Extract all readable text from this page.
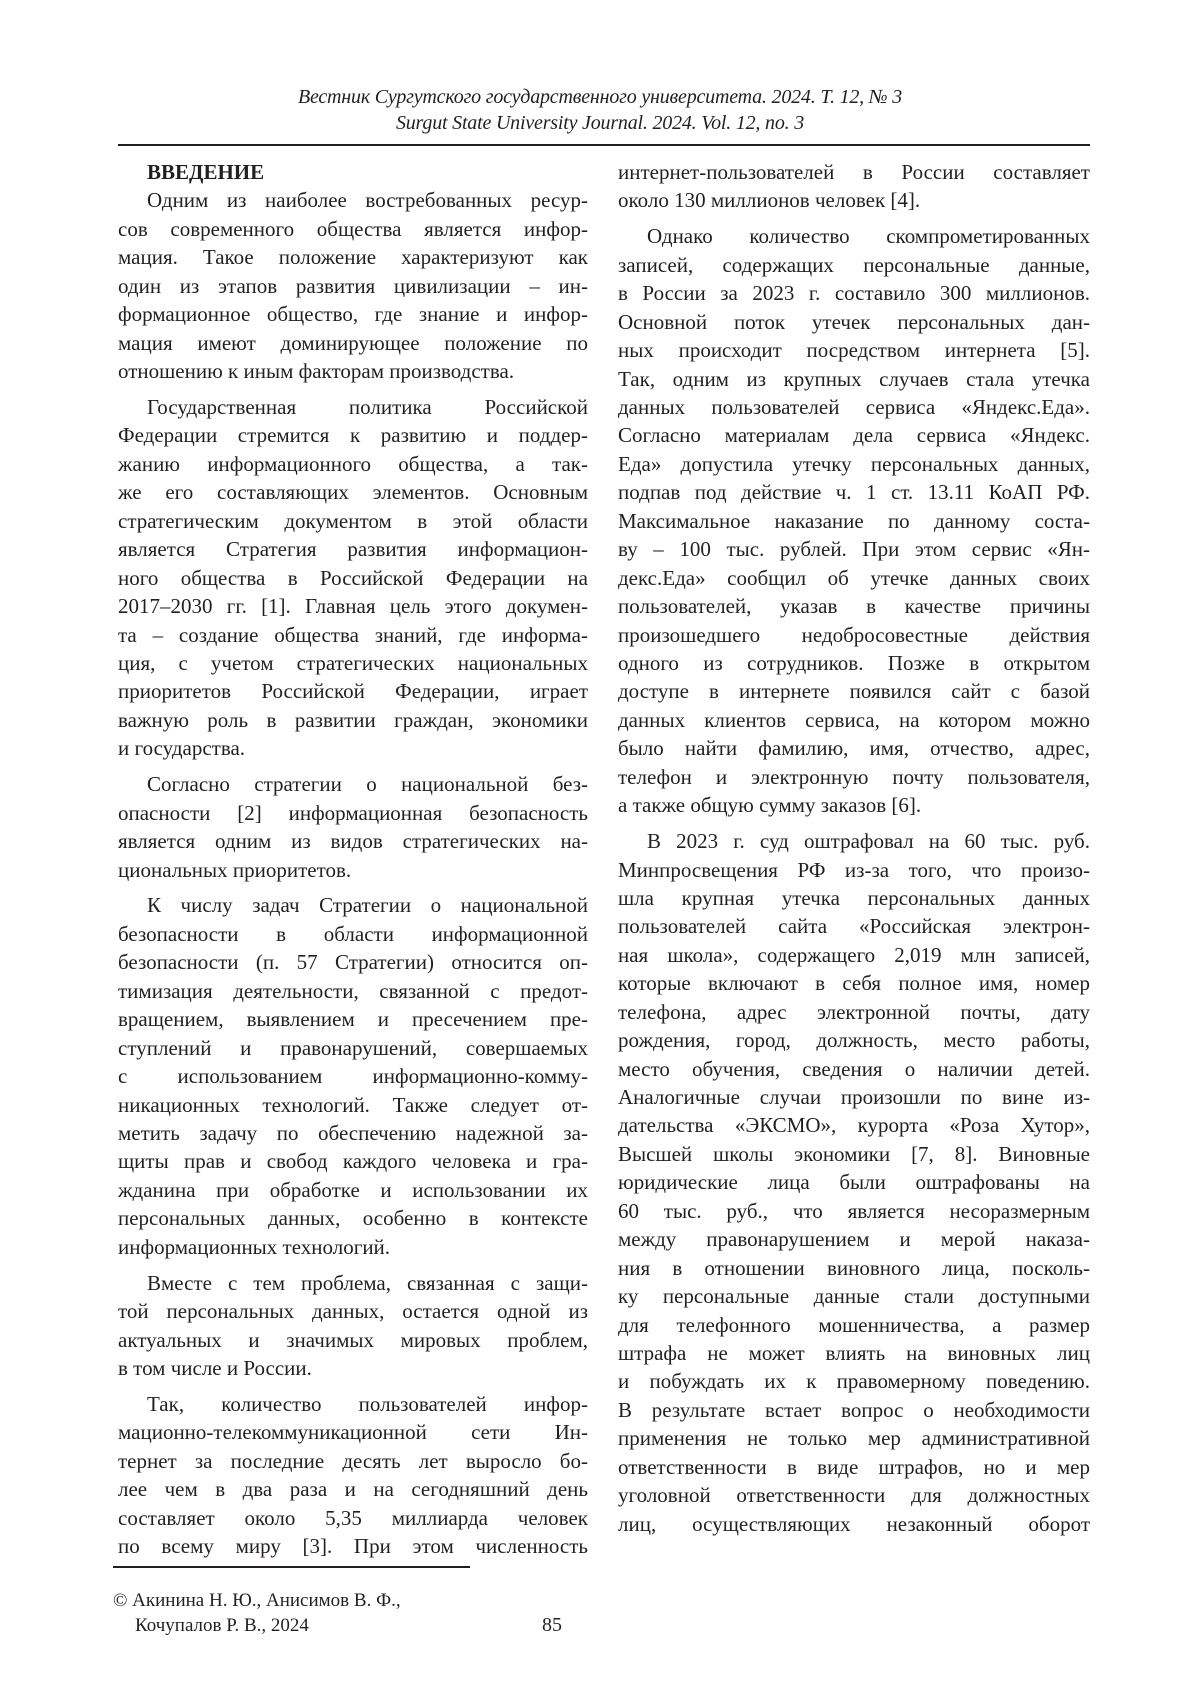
Вестник Сургутского государственного университета. 2024. Т. 12, № 3
Surgut State University Journal. 2024. Vol. 12, no. 3
ВВЕДЕНИЕ
Одним из наиболее востребованных ресур-
сов современного общества является инфор-
мация. Такое положение характеризуют как
один из этапов развития цивилизации – ин-
формационное общество, где знание и инфор-
мация имеют доминирующее положение по
отношению к иным факторам производства.
Государственная политика Российской
Федерации стремится к развитию и поддер-
жанию информационного общества, а так-
же его составляющих элементов. Основным
стратегическим документом в этой области
является Стратегия развития информацион-
ного общества в Российской Федерации на
2017–2030 гг. [1]. Главная цель этого докумен-
та – создание общества знаний, где информа-
ция, с учетом стратегических национальных
приоритетов Российской Федерации, играет
важную роль в развитии граждан, экономики
и государства.
Согласно стратегии о национальной без-
опасности [2] информационная безопасность
является одним из видов стратегических на-
циональных приоритетов.
К числу задач Стратегии о национальной
безопасности в области информационной
безопасности (п. 57 Стратегии) относится оп-
тимизация деятельности, связанной с предот-
вращением, выявлением и пресечением пре-
ступлений и правонарушений, совершаемых
с использованием информационно-комму-
никационных технологий. Также следует от-
метить задачу по обеспечению надежной за-
щиты прав и свобод каждого человека и гра-
жданина при обработке и использовании их
персональных данных, особенно в контексте
информационных технологий.
Вместе с тем проблема, связанная с защи-
той персональных данных, остается одной из
актуальных и значимых мировых проблем,
в том числе и России.
Так, количество пользователей инфор-
мационно-телекоммуникационной сети Ин-
тернет за последние десять лет выросло бо-
лее чем в два раза и на сегодняшний день
составляет около 5,35 миллиарда человек
по всему миру [3]. При этом численность
интернет-пользователей в России составляет
около 130 миллионов человек [4].
Однако количество скомпрометированных
записей, содержащих персональные данные,
в России за 2023 г. составило 300 миллионов.
Основной поток утечек персональных дан-
ных происходит посредством интернета [5].
Так, одним из крупных случаев стала утечка
данных пользователей сервиса «Яндекс.Еда».
Согласно материалам дела сервиса «Яндекс.
Еда» допустила утечку персональных данных,
подпав под действие ч. 1 ст. 13.11 КоАП РФ.
Максимальное наказание по данному соста-
ву – 100 тыс. рублей. При этом сервис «Ян-
декс.Еда» сообщил об утечке данных своих
пользователей, указав в качестве причины
произошедшего недобросовестные действия
одного из сотрудников. Позже в открытом
доступе в интернете появился сайт с базой
данных клиентов сервиса, на котором можно
было найти фамилию, имя, отчество, адрес,
телефон и электронную почту пользователя,
а также общую сумму заказов [6].
В 2023 г. суд оштрафовал на 60 тыс. руб.
Минпросвещения РФ из-за того, что произо-
шла крупная утечка персональных данных
пользователей сайта «Российская электрон-
ная школа», содержащего 2,019 млн записей,
которые включают в себя полное имя, номер
телефона, адрес электронной почты, дату
рождения, город, должность, место работы,
место обучения, сведения о наличии детей.
Аналогичные случаи произошли по вине из-
дательства «ЭКСМО», курорта «Роза Хутор»,
Высшей школы экономики [7, 8]. Виновные
юридические лица были оштрафованы на
60 тыс. руб., что является несоразмерным
между правонарушением и мерой наказа-
ния в отношении виновного лица, посколь-
ку персональные данные стали доступными
для телефонного мошенничества, а размер
штрафа не может влиять на виновных лиц
и побуждать их к правомерному поведению.
В результате встает вопрос о необходимости
применения не только мер административной
ответственности в виде штрафов, но и мер
уголовной ответственности для должностных
лиц, осуществляющих незаконный оборот
© Акинина Н. Ю., Анисимов В. Ф.,
Кочупалов Р. В., 2024	85
